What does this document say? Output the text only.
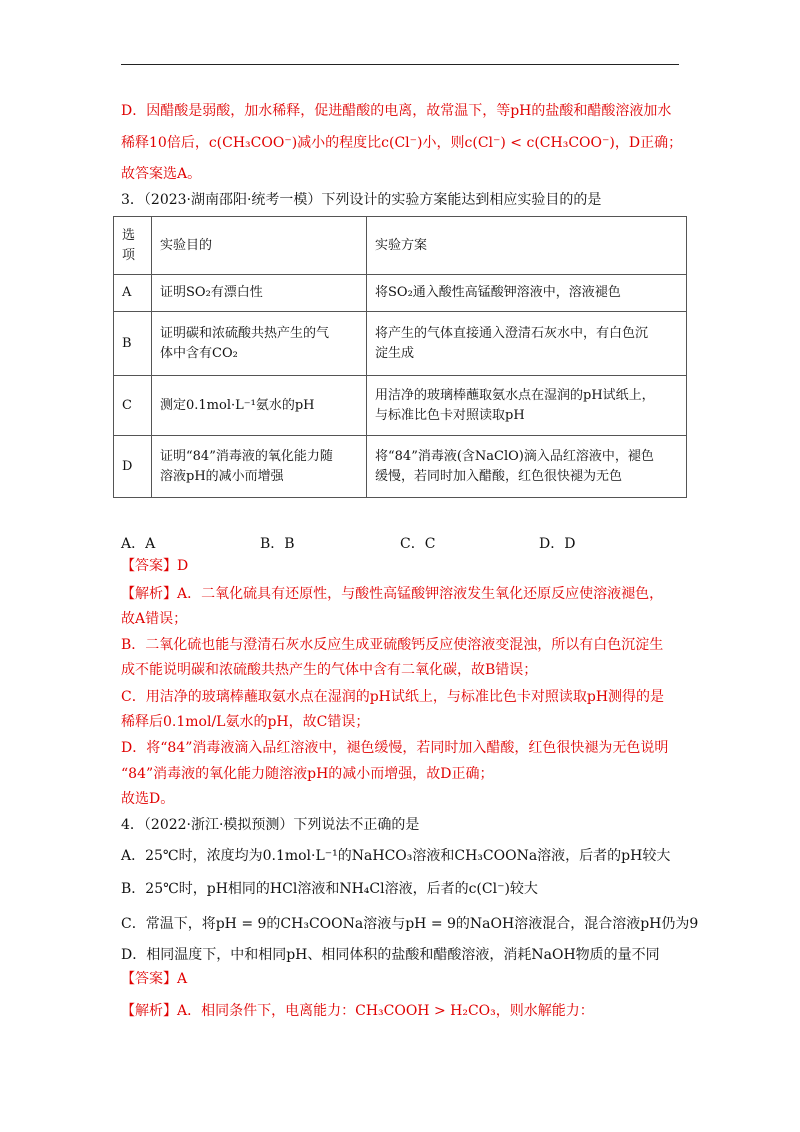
D．因醋酸是弱酸，加水稀释，促进醋酸的电离，故常温下，等pH的盐酸和醋酸溶液加水
稀释10倍后，c(CH₃COO⁻)减小的程度比c(Cl⁻)小，则c(Cl⁻) < c(CH₃COO⁻)，D正确；
故答案选A。
3．（2023·湖南邵阳·统考一模）下列设计的实验方案能达到相应实验目的的是
选
项	实验目的	实验方案
A	证明SO₂有漂白性	将SO₂通入酸性高锰酸钾溶液中，溶液褪色
B	证明碳和浓硫酸共热产生的气
体中含有CO₂	将产生的气体直接通入澄清石灰水中，有白色沉
淀生成
C	测定0.1mol·L⁻¹氨水的pH	用洁净的玻璃棒蘸取氨水点在湿润的pH试纸上，
与标准比色卡对照读取pH
D	证明“84”消毒液的氧化能力随
溶液pH的减小而增强	将“84”消毒液(含NaClO)滴入品红溶液中，褪色
缓慢，若同时加入醋酸，红色很快褪为无色
A．A	B．B	C．C	D．D
【答案】D
【解析】A．二氧化硫具有还原性，与酸性高锰酸钾溶液发生氧化还原反应使溶液褪色，
故A错误；
B．二氧化硫也能与澄清石灰水反应生成亚硫酸钙反应使溶液变混浊，所以有白色沉淀生
成不能说明碳和浓硫酸共热产生的气体中含有二氧化碳，故B错误；
C．用洁净的玻璃棒蘸取氨水点在湿润的pH试纸上，与标准比色卡对照读取pH测得的是
稀释后0.1mol/L氨水的pH，故C错误；
D．将“84”消毒液滴入品红溶液中，褪色缓慢，若同时加入醋酸，红色很快褪为无色说明
“84”消毒液的氧化能力随溶液pH的减小而增强，故D正确；
故选D。
4．（2022·浙江·模拟预测）下列说法不正确的是
A．25℃时，浓度均为0.1mol·L⁻¹的NaHCO₃溶液和CH₃COONa溶液，后者的pH较大
B．25℃时，pH相同的HCl溶液和NH₄Cl溶液，后者的c(Cl⁻)较大
C．常温下，将pH = 9的CH₃COONa溶液与pH = 9的NaOH溶液混合，混合溶液pH仍为9
D．相同温度下，中和相同pH、相同体积的盐酸和醋酸溶液，消耗NaOH物质的量不同
【答案】A
【解析】A．相同条件下，电离能力：CH₃COOH > H₂CO₃，则水解能力：
